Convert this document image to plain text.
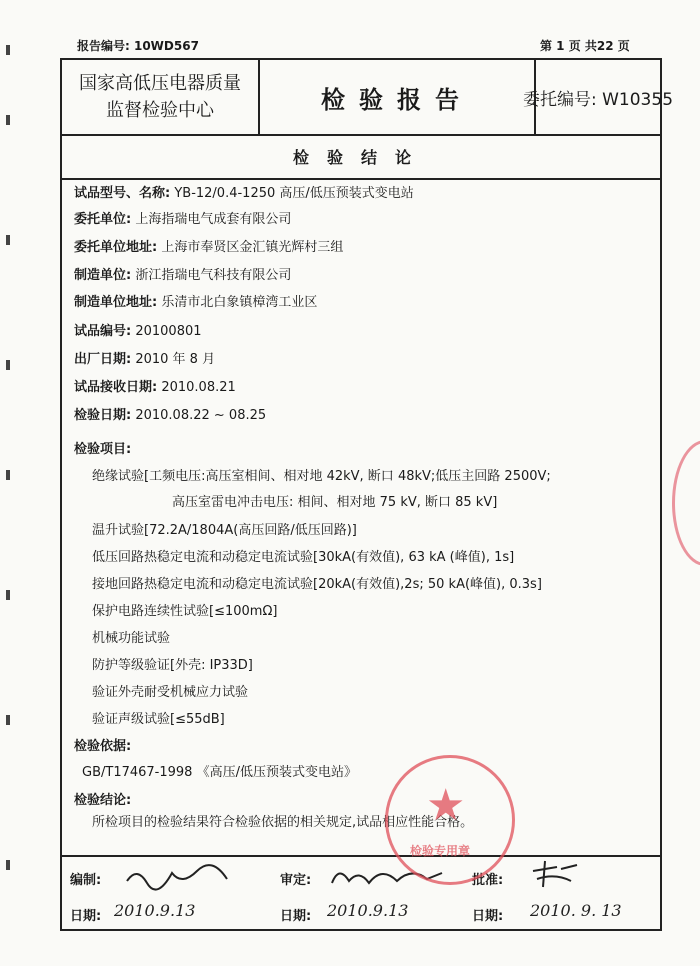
报告编号: 10WD567	第 1 页 共22 页
国家高低压电器质量
监督检验中心	检验报告	委托编号: W10355
检验结论
试品型号、名称: YB-12/0.4-1250 高压/低压预装式变电站
委托单位: 上海指瑞电气成套有限公司
委托单位地址: 上海市奉贤区金汇镇光辉村三组
制造单位: 浙江指瑞电气科技有限公司
制造单位地址: 乐清市北白象镇樟湾工业区
试品编号: 20100801
出厂日期: 2010 年 8 月
试品接收日期: 2010.08.21
检验日期: 2010.08.22 ~ 08.25
检验项目:
绝缘试验[工频电压:高压室相间、相对地 42kV, 断口 48kV;低压主回路 2500V;
高压室雷电冲击电压: 相间、相对地 75 kV, 断口 85 kV]
温升试验[72.2A/1804A(高压回路/低压回路)]
低压回路热稳定电流和动稳定电流试验[30kA(有效值), 63 kA (峰值), 1s]
接地回路热稳定电流和动稳定电流试验[20kA(有效值),2s; 50 kA(峰值), 0.3s]
保护电路连续性试验[≤100mΩ]
机械功能试验
防护等级验证[外壳: IP33D]
验证外壳耐受机械应力试验
验证声级试验[≤55dB]
检验依据:
GB/T17467-1998 《高压/低压预装式变电站》
检验结论:
所检项目的检验结果符合检验依据的相关规定,试品相应性能合格。
编制:	审定:	批准:
日期: 2010.9.13	日期: 2010.9.13	日期: 2010. 9. 13
★
检验专用章
